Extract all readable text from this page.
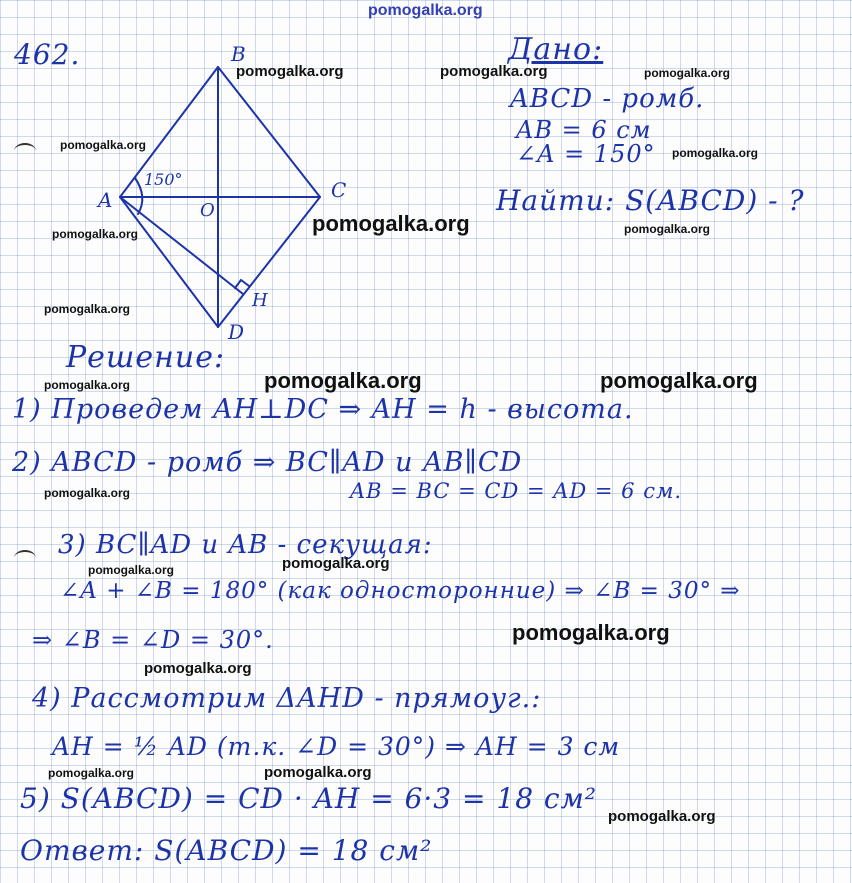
pomogalka.org
462.	B
A	C
D
O
H
150°
Дано:
ABCD - ромб.
AB = 6 см
∠A = 150°
Найти: S(ABCD) - ?
Решение:
1) Проведем AH⊥DC ⇒ AH = h - высота.
2) ABCD - ромб ⇒ BC∥AD и AB∥CD
AB = BC = CD = AD = 6 см.
3) BC∥AD и AB - секущая:
∠A + ∠B = 180° (как односторонние) ⇒ ∠B = 30° ⇒
⇒ ∠B = ∠D = 30°.
4) Рассмотрим ΔAHD - прямоуг.:
AH = ½ AD (т.к. ∠D = 30°) ⇒ AH = 3 см
5) S(ABCD) = CD · AH = 6·3 = 18 см²
Ответ: S(ABCD) = 18 см²
pomogalka.org	pomogalka.org	pomogalka.org
pomogalka.org
pomogalka.org
pomogalka.org
pomogalka.org	pomogalka.org
pomogalka.org
pomogalka.org	pomogalka.org	pomogalka.org
pomogalka.org
pomogalka.org	pomogalka.org
pomogalka.org
pomogalka.org
pomogalka.org	pomogalka.org
pomogalka.org
